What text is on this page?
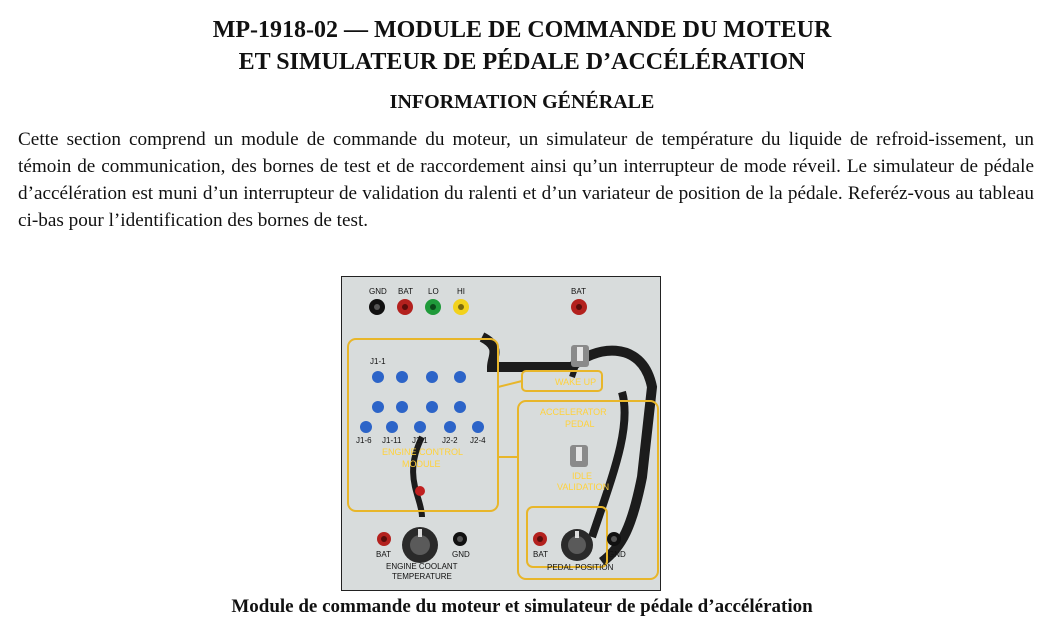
MP-1918-02 — MODULE DE COMMANDE DU MOTEUR
ET SIMULATEUR DE PÉDALE D’ACCÉLÉRATION
INFORMATION GÉNÉRALE

Cette section comprend un module de commande du moteur, un simulateur de température du liquide de refroid-issement, un témoin de communication, des bornes de test et de raccordement ainsi qu’un interrupteur de mode réveil. Le simulateur de pédale d’accélération est muni d’un interrupteur de validation du ralenti et d’un variateur de position de la pédale. Referéz-vous au tableau ci-bas pour l’identification des bornes de test.

GND BAT LO HI	BAT
J1-1
J1-6 J1-11 J2-1 J2-2 J2-4
ENGINE CONTROL
MODULE
WAKE UP
ACCELERATOR
PEDAL
IDLE
VALIDATION
BAT	GND
ENGINE COOLANT
TEMPERATURE
BAT	GND
PEDAL POSITION

Module de commande du moteur et simulateur de pédale d’accélération
